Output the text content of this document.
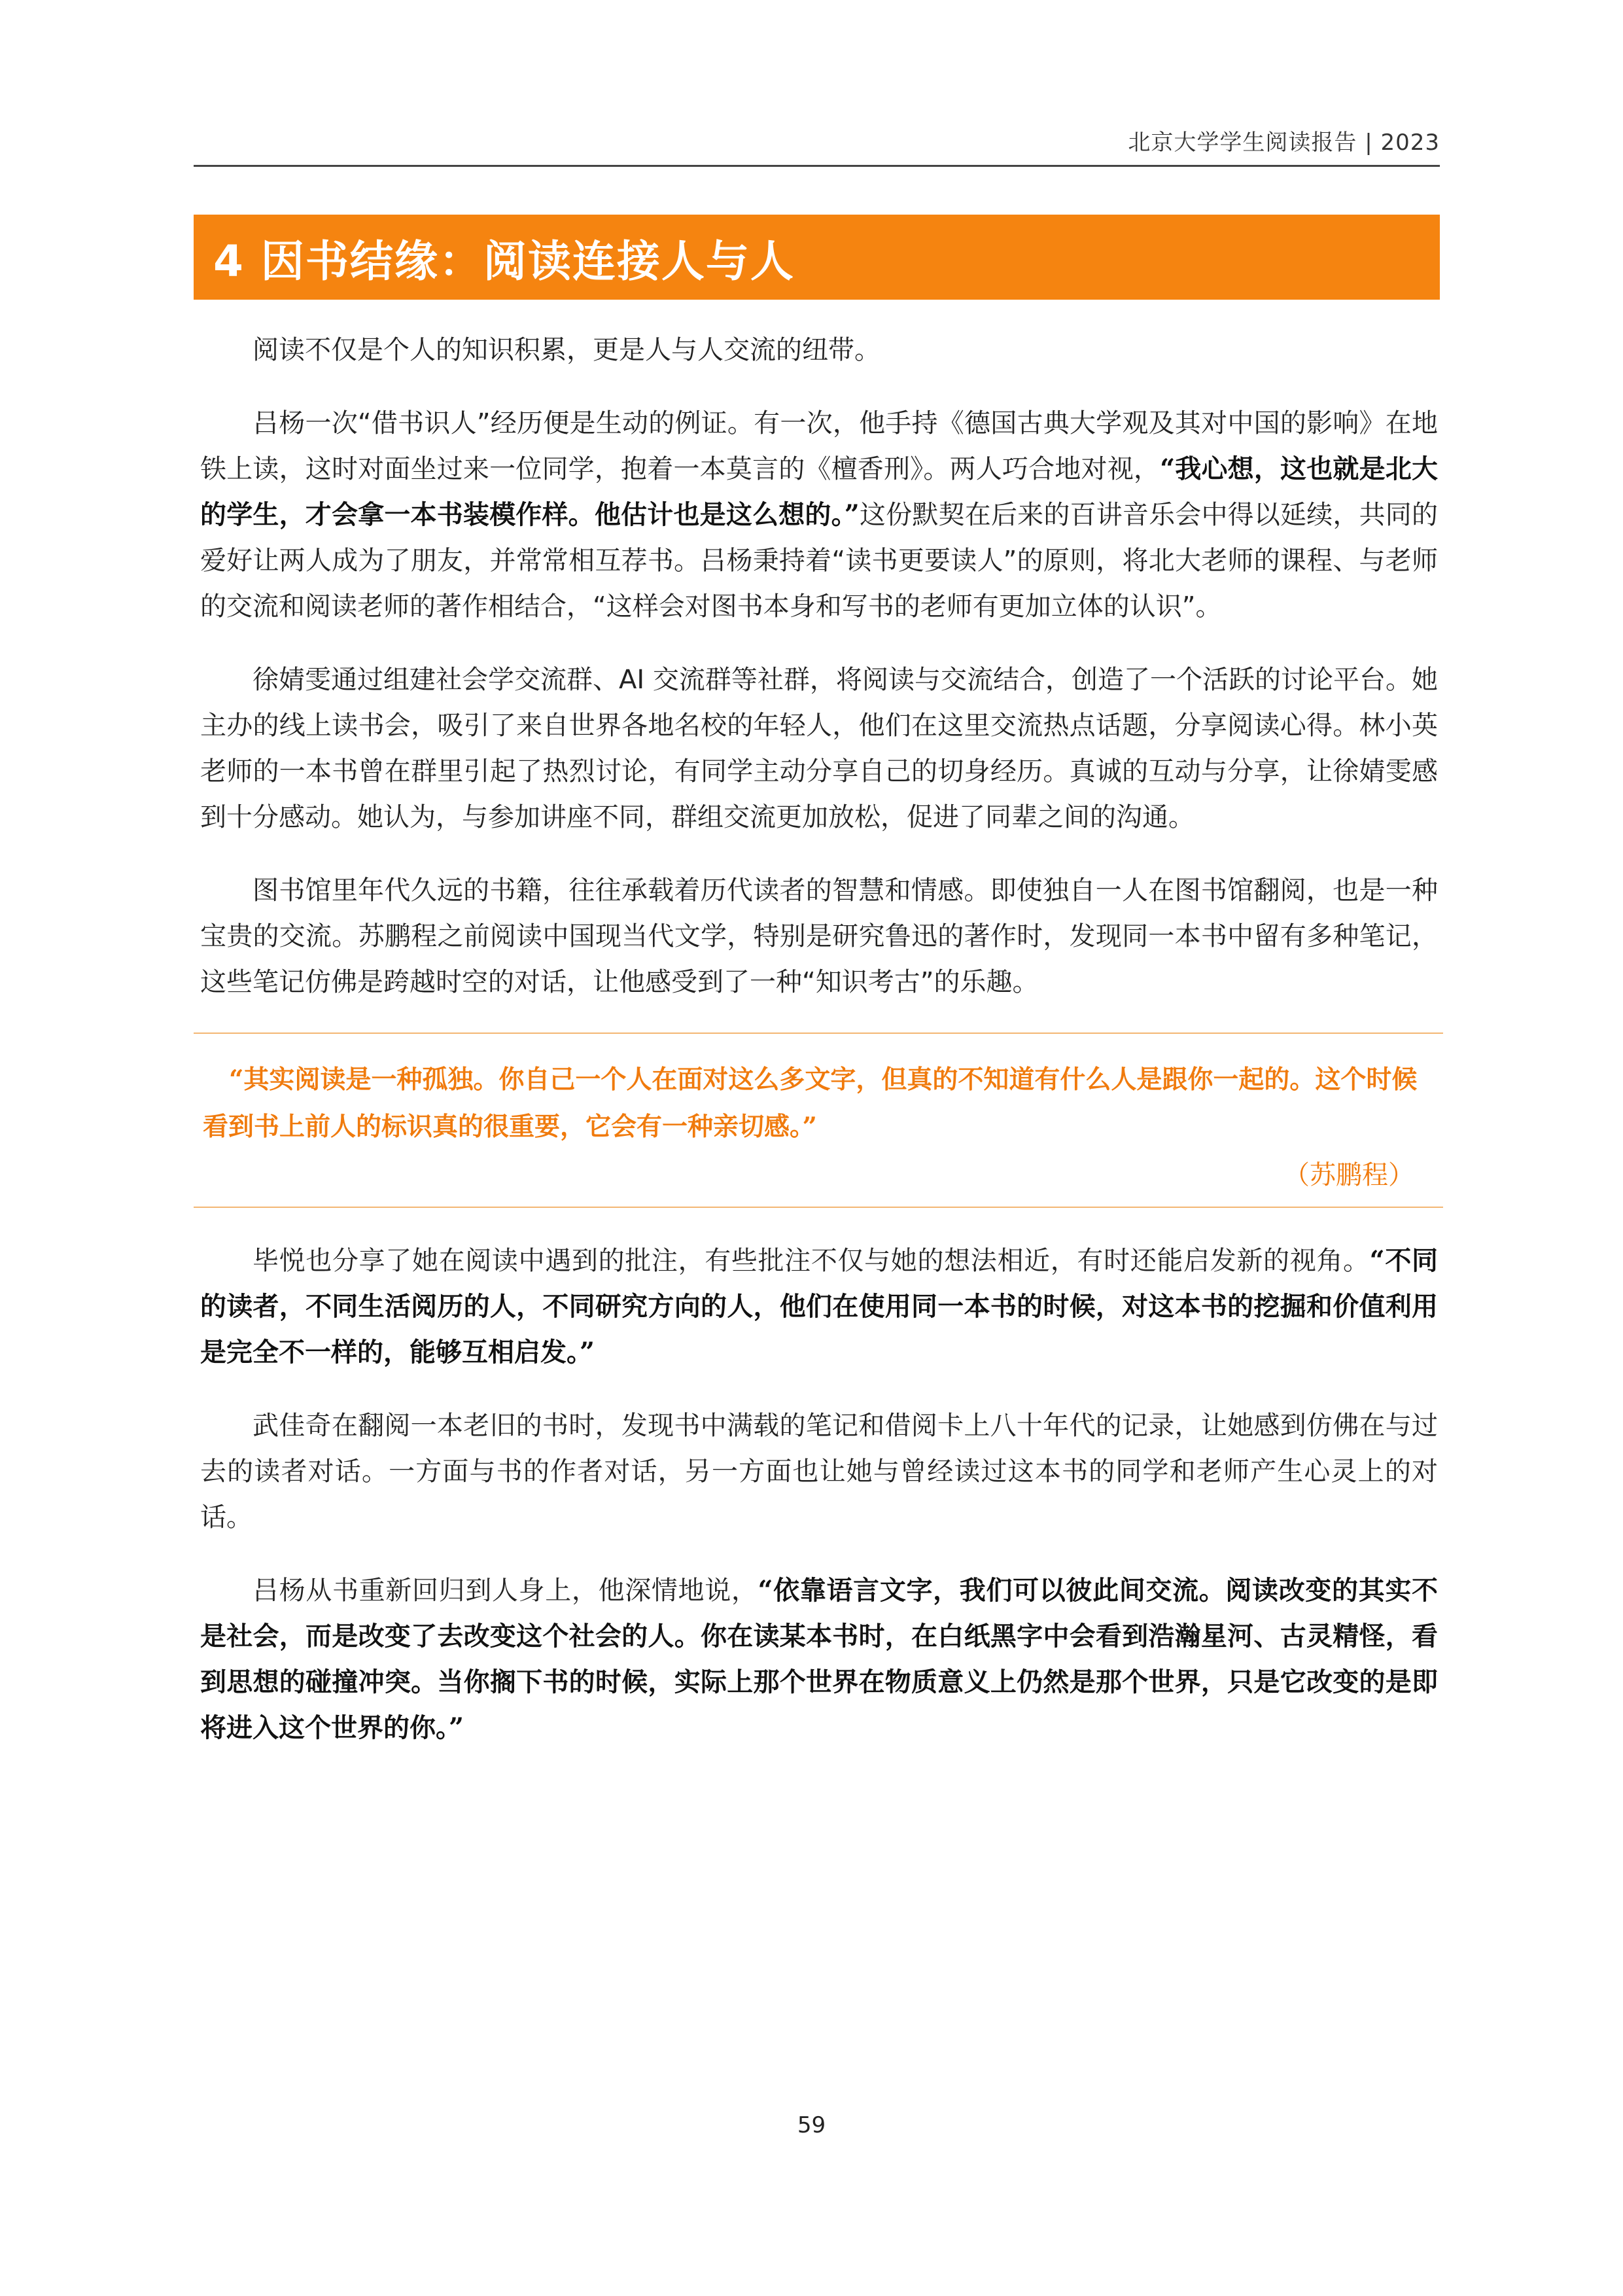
北京大学学生阅读报告 | 2023
4 因书结缘：阅读连接人与人

阅读不仅是个人的知识积累，更是人与人交流的纽带。

吕杨一次“借书识人”经历便是生动的例证。有一次，他手持《德国古典大学观及其对中国的影响》在地铁上读，这时对面坐过来一位同学，抱着一本莫言的《檀香刑》。两人巧合地对视，“我心想，这也就是北大的学生，才会拿一本书装模作样。他估计也是这么想的。”这份默契在后来的百讲音乐会中得以延续，共同的爱好让两人成为了朋友，并常常相互荐书。吕杨秉持着“读书更要读人”的原则，将北大老师的课程、与老师的交流和阅读老师的著作相结合，“这样会对图书本身和写书的老师有更加立体的认识”。

徐婧雯通过组建社会学交流群、AI 交流群等社群，将阅读与交流结合，创造了一个活跃的讨论平台。她主办的线上读书会，吸引了来自世界各地名校的年轻人，他们在这里交流热点话题，分享阅读心得。林小英老师的一本书曾在群里引起了热烈讨论，有同学主动分享自己的切身经历。真诚的互动与分享，让徐婧雯感到十分感动。她认为，与参加讲座不同，群组交流更加放松，促进了同辈之间的沟通。

图书馆里年代久远的书籍，往往承载着历代读者的智慧和情感。即使独自一人在图书馆翻阅，也是一种宝贵的交流。苏鹏程之前阅读中国现当代文学，特别是研究鲁迅的著作时，发现同一本书中留有多种笔记，这些笔记仿佛是跨越时空的对话，让他感受到了一种“知识考古”的乐趣。

“其实阅读是一种孤独。你自己一个人在面对这么多文字，但真的不知道有什么人是跟你一起的。这个时候看到书上前人的标识真的很重要，它会有一种亲切感。”

（苏鹏程）

毕悦也分享了她在阅读中遇到的批注，有些批注不仅与她的想法相近，有时还能启发新的视角。“不同的读者，不同生活阅历的人，不同研究方向的人，他们在使用同一本书的时候，对这本书的挖掘和价值利用是完全不一样的，能够互相启发。”

武佳奇在翻阅一本老旧的书时，发现书中满载的笔记和借阅卡上八十年代的记录，让她感到仿佛在与过去的读者对话。一方面与书的作者对话，另一方面也让她与曾经读过这本书的同学和老师产生心灵上的对话。

吕杨从书重新回归到人身上，他深情地说，“依靠语言文字，我们可以彼此间交流。阅读改变的其实不是社会，而是改变了去改变这个社会的人。你在读某本书时，在白纸黑字中会看到浩瀚星河、古灵精怪，看到思想的碰撞冲突。当你搁下书的时候，实际上那个世界在物质意义上仍然是那个世界，只是它改变的是即将进入这个世界的你。”

59
